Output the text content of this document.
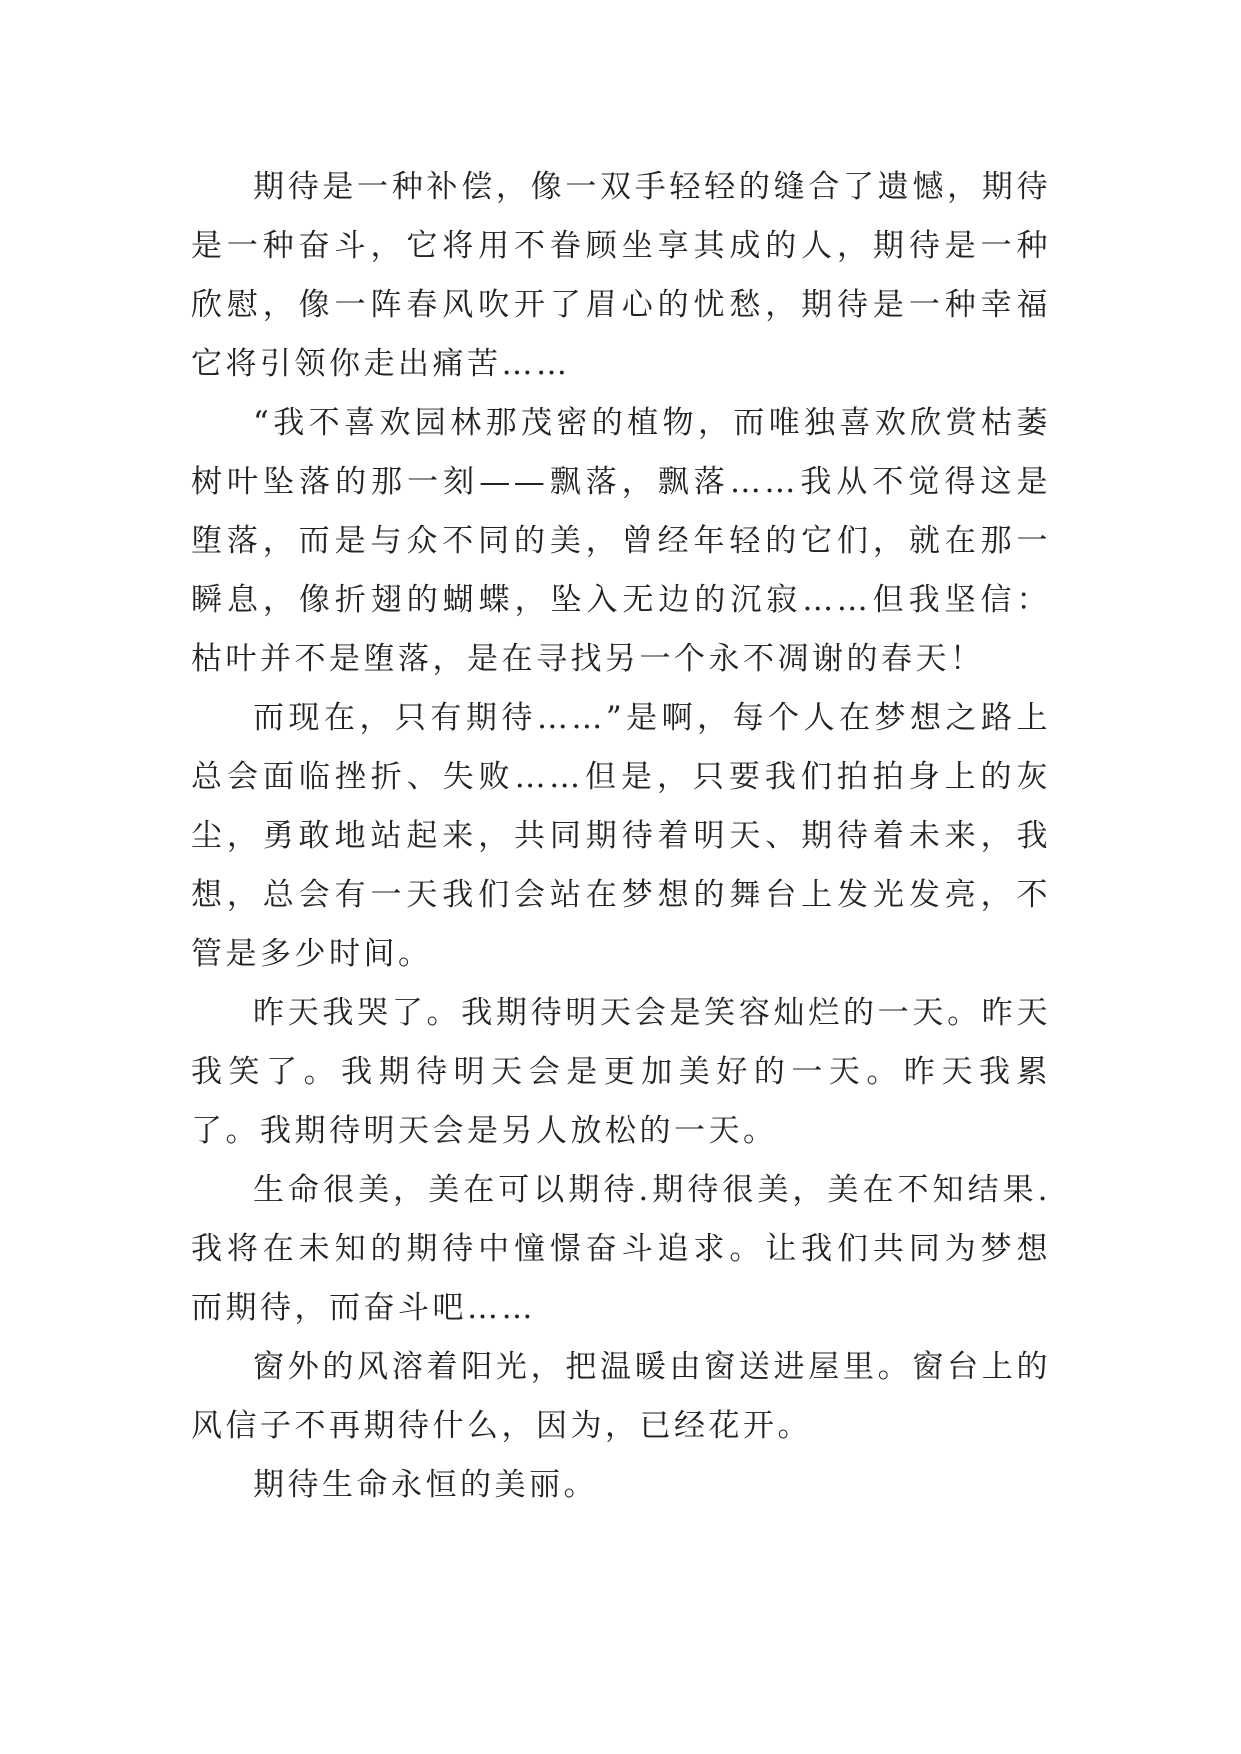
期待是一种补偿，像一双手轻轻的缝合了遗憾，期待是一种奋斗，它将用不眷顾坐享其成的人，期待是一种欣慰，像一阵春风吹开了眉心的忧愁，期待是一种幸福它将引领你走出痛苦……

“我不喜欢园林那茂密的植物，而唯独喜欢欣赏枯萎树叶坠落的那一刻——飘落，飘落……我从不觉得这是堕落，而是与众不同的美，曾经年轻的它们，就在那一瞬息，像折翅的蝴蝶，坠入无边的沉寂……但我坚信：枯叶并不是堕落，是在寻找另一个永不凋谢的春天！

而现在，只有期待……”是啊，每个人在梦想之路上总会面临挫折、失败……但是，只要我们拍拍身上的灰尘，勇敢地站起来，共同期待着明天、期待着未来，我想，总会有一天我们会站在梦想的舞台上发光发亮，不管是多少时间。

昨天我哭了。我期待明天会是笑容灿烂的一天。昨天我笑了。我期待明天会是更加美好的一天。昨天我累了。我期待明天会是另人放松的一天。

生命很美，美在可以期待.期待很美，美在不知结果.我将在未知的期待中憧憬奋斗追求。让我们共同为梦想而期待，而奋斗吧……

窗外的风溶着阳光，把温暖由窗送进屋里。窗台上的风信子不再期待什么，因为，已经花开。

期待生命永恒的美丽。
